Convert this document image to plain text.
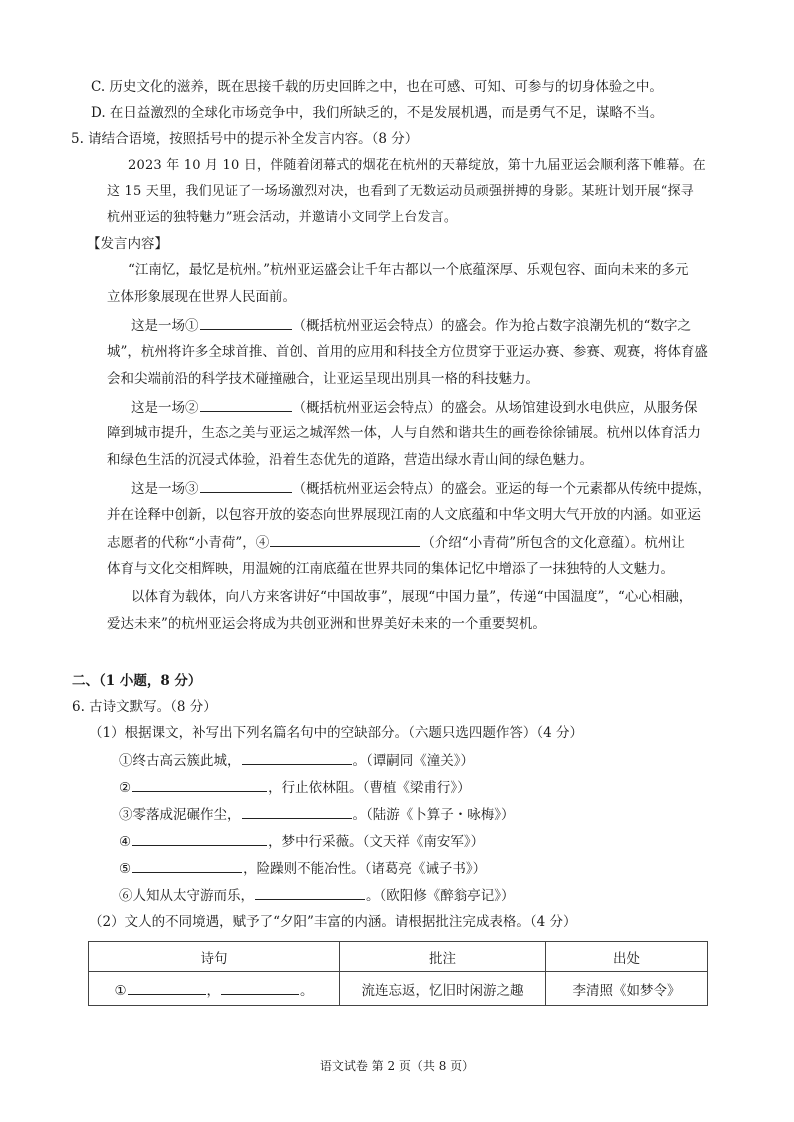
C. 历史文化的滋养，既在思接千载的历史回眸之中，也在可感、可知、可参与的切身体验之中。
D. 在日益激烈的全球化市场竞争中，我们所缺乏的，不是发展机遇，而是勇气不足，谋略不当。
5. 请结合语境，按照括号中的提示补全发言内容。（8 分）
2023 年 10 月 10 日，伴随着闭幕式的烟花在杭州的天幕绽放，第十九届亚运会顺利落下帷幕。在
这 15 天里，我们见证了一场场激烈对决，也看到了无数运动员顽强拼搏的身影。某班计划开展“探寻
杭州亚运的独特魅力”班会活动，并邀请小文同学上台发言。
【发言内容】
“江南忆，最忆是杭州。”杭州亚运盛会让千年古都以一个底蕴深厚、乐观包容、面向未来的多元
立体形象展现在世界人民面前。
这是一场①	（概括杭州亚运会特点）的盛会。作为抢占数字浪潮先机的“数字之
城”，杭州将许多全球首推、首创、首用的应用和科技全方位贯穿于亚运办赛、参赛、观赛，将体育盛
会和尖端前沿的科学技术碰撞融合，让亚运呈现出別具一格的科技魅力。
这是一场②	（概括杭州亚运会特点）的盛会。从场馆建设到水电供应，从服务保
障到城市提升，生态之美与亚运之城浑然一体，人与自然和谐共生的画卷徐徐铺展。杭州以体育活力
和绿色生活的沉浸式体验，沿着生态优先的道路，营造出绿水青山间的绿色魅力。
这是一场③	（概括杭州亚运会特点）的盛会。亚运的每一个元素都从传统中提炼，
并在诠释中创新，以包容开放的姿态向世界展现江南的人文底蕴和中华文明大气开放的内涵。如亚运
志愿者的代称“小青荷”，④	（介绍“小青荷”所包含的文化意蕴）。杭州让
体育与文化交相辉映，用温婉的江南底蕴在世界共同的集体记忆中增添了一抹独特的人文魅力。
以体育为载体，向八方来客讲好“中国故事”，展现“中国力量”，传递“中国温度”，“心心相融，
爱达未来”的杭州亚运会将成为共创亚洲和世界美好未来的一个重要契机。
二、（1 小题，8 分）
6. 古诗文默写。（8 分）
（1）根据课文，补写出下列名篇名句中的空缺部分。（六题只选四题作答）（4 分）
①终古高云簇此城，	。（谭嗣同《潼关》）
②	，行止依林阻。（曹植《梁甫行》）
③零落成泥碾作尘，	。（陆游《卜算子・咏梅》）
④	，梦中行采薇。（文天祥《南安军》）
⑤	，险躁则不能冶性。（诸葛亮《诫子书》）
⑥人知从太守游而乐，	。（欧阳修《醉翁亭记》）
（2）文人的不同境遇，赋予了“夕阳”丰富的内涵。请根据批注完成表格。（4 分）
诗句	批注	出处
① ， 。	流连忘返，忆旧时闲游之趣	李清照《如梦令》
语文试卷 第 2 页（共 8 页）
